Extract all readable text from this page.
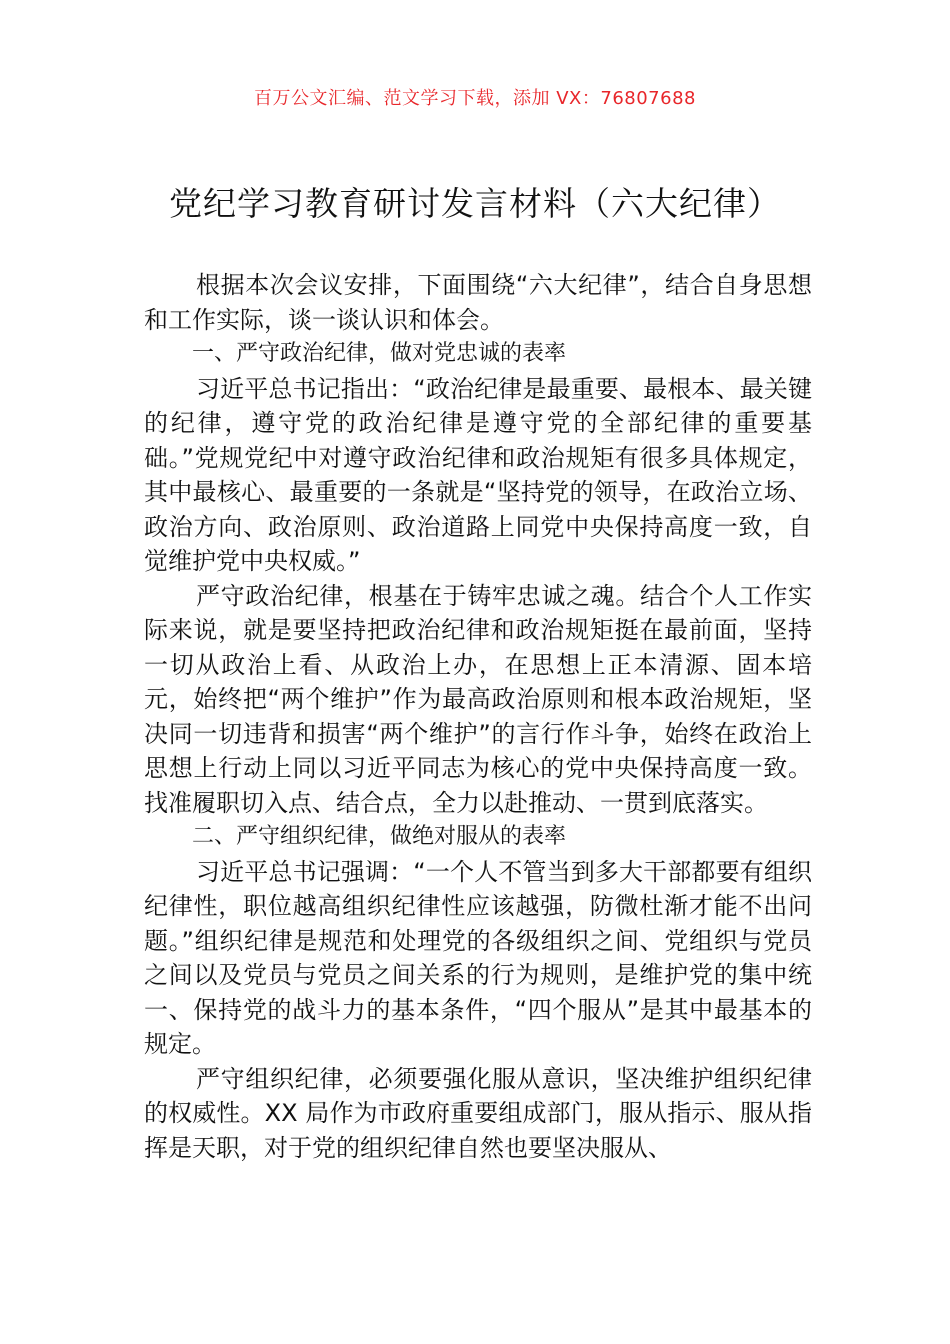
百万公文汇编、范文学习下载，添加 VX：76807688
党纪学习教育研讨发言材料（六大纪律）

根据本次会议安排，下面围绕“六大纪律”，结合自身思想和工作实际，谈一谈认识和体会。

一、严守政治纪律，做对党忠诚的表率

习近平总书记指出：“政治纪律是最重要、最根本、最关键的纪律，遵守党的政治纪律是遵守党的全部纪律的重要基础。”党规党纪中对遵守政治纪律和政治规矩有很多具体规定，其中最核心、最重要的一条就是“坚持党的领导，在政治立场、政治方向、政治原则、政治道路上同党中央保持高度一致，自觉维护党中央权威。”

严守政治纪律，根基在于铸牢忠诚之魂。结合个人工作实际来说，就是要坚持把政治纪律和政治规矩挺在最前面，坚持一切从政治上看、从政治上办，在思想上正本清源、固本培元，始终把“两个维护”作为最高政治原则和根本政治规矩，坚决同一切违背和损害“两个维护”的言行作斗争，始终在政治上思想上行动上同以习近平同志为核心的党中央保持高度一致。找准履职切入点、结合点，全力以赴推动、一贯到底落实。

二、严守组织纪律，做绝对服从的表率

习近平总书记强调：“一个人不管当到多大干部都要有组织纪律性，职位越高组织纪律性应该越强，防微杜渐才能不出问题。”组织纪律是规范和处理党的各级组织之间、党组织与党员之间以及党员与党员之间关系的行为规则，是维护党的集中统一、保持党的战斗力的基本条件，“四个服从”是其中最基本的规定。

严守组织纪律，必须要强化服从意识，坚决维护组织纪律的权威性。XX 局作为市政府重要组成部门，服从指示、服从指挥是天职，对于党的组织纪律自然也要坚决服从、
